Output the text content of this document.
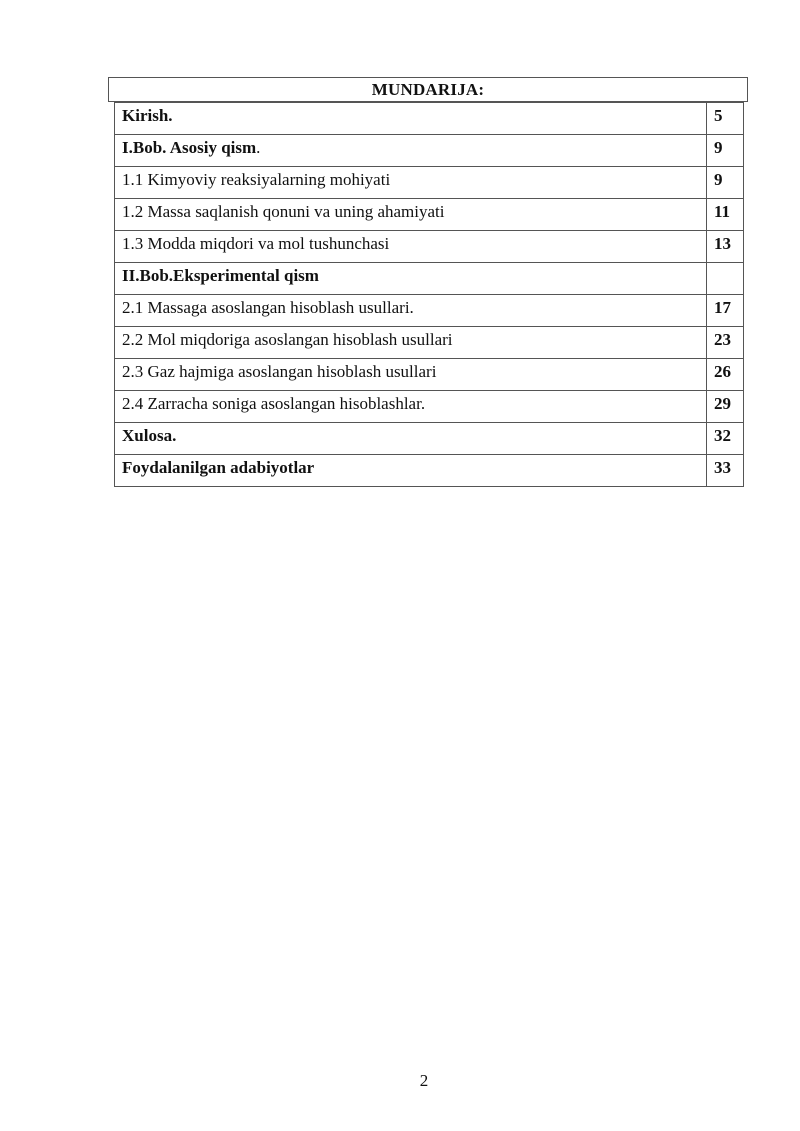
MUNDARIJA:
Kirish.	5
I.Bob. Asosiy qism.	9
1.1 Kimyoviy reaksiyalarning mohiyati	9
1.2 Massa saqlanish qonuni va uning ahamiyati	11
1.3 Modda miqdori va mol tushunchasi	13
II.Bob.Eksperimental qism	
2.1 Massaga asoslangan hisoblash usullari.	17
2.2 Mol miqdoriga asoslangan hisoblash usullari	23
2.3 Gaz hajmiga asoslangan hisoblash usullari	26
2.4 Zarracha soniga asoslangan hisoblashlar.	29
Xulosa.	32
Foydalanilgan adabiyotlar	33
2
